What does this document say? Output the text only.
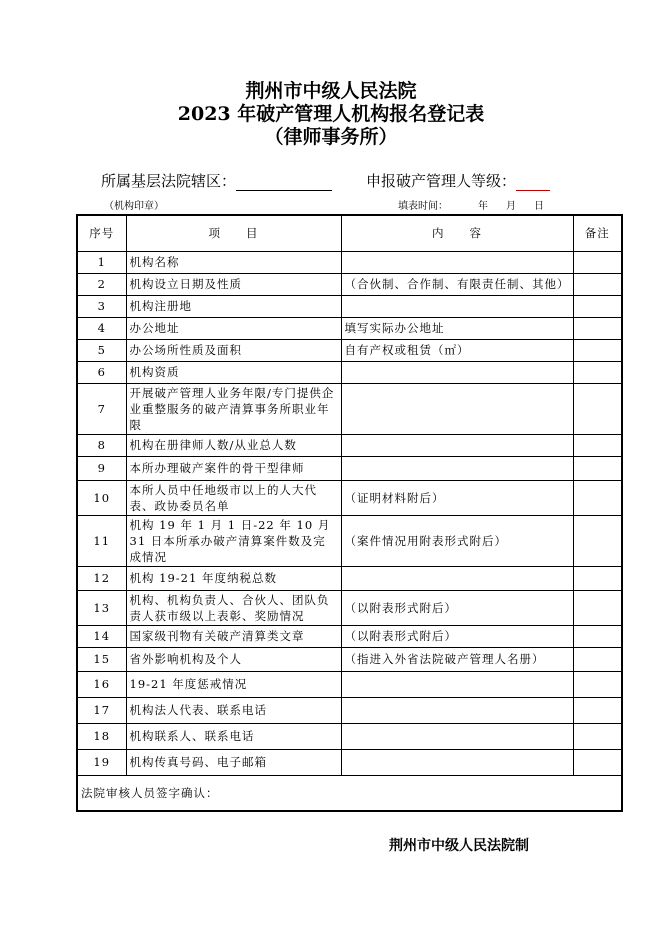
荆州市中级人民法院
2023 年破产管理人机构报名登记表
（律师事务所）
所属基层法院辖区：	申报破产管理人等级：
（机构印章）	填表时间：	年 月 日
序号	项　　目	内　　容	备注
1	机构名称		
2	机构设立日期及性质	（合伙制、合作制、有限责任制、其他）	
3	机构注册地		
4	办公地址	填写实际办公地址	
5	办公场所性质及面积	自有产权或租赁（㎡）	
6	机构资质		
7	开展破产管理人业务年限/专门提供企业重整服务的破产清算事务所职业年限		
8	机构在册律师人数/从业总人数		
9	本所办理破产案件的骨干型律师		
10	本所人员中任地级市以上的人大代表、政协委员名单	（证明材料附后）	
11	机构 19 年 1 月 1 日-22 年 10 月 31 日本所承办破产清算案件数及完成情况	（案件情况用附表形式附后）	
12	机构 19-21 年度纳税总数		
13	机构、机构负责人、合伙人、团队负责人获市级以上表彰、奖励情况	（以附表形式附后）	
14	国家级刊物有关破产清算类文章	（以附表形式附后）	
15	省外影响机构及个人	（指进入外省法院破产管理人名册）	
16	19-21 年度惩戒情况		
17	机构法人代表、联系电话		
18	机构联系人、联系电话		
19	机构传真号码、电子邮箱		
法院审核人员签字确认：			
荆州市中级人民法院制
